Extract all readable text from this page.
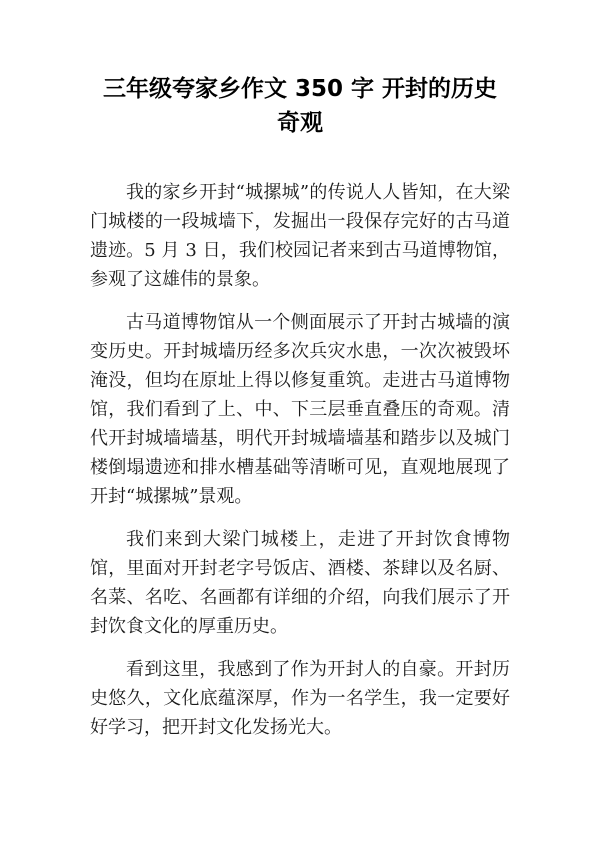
三年级夸家乡作文 350 字 开封的历史
奇观

我的家乡开封“城摞城”的传说人人皆知，在大梁门城楼的一段城墙下，发掘出一段保存完好的古马道遗迹。5 月 3 日，我们校园记者来到古马道博物馆，参观了这雄伟的景象。

古马道博物馆从一个侧面展示了开封古城墙的演变历史。开封城墙历经多次兵灾水患，一次次被毁坏淹没，但均在原址上得以修复重筑。走进古马道博物馆，我们看到了上、中、下三层垂直叠压的奇观。清代开封城墙墙基，明代开封城墙墙基和踏步以及城门楼倒塌遗迹和排水槽基础等清晰可见，直观地展现了开封“城摞城”景观。

我们来到大梁门城楼上，走进了开封饮食博物馆，里面对开封老字号饭店、酒楼、茶肆以及名厨、名菜、名吃、名画都有详细的介绍，向我们展示了开封饮食文化的厚重历史。

看到这里，我感到了作为开封人的自豪。开封历史悠久，文化底蕴深厚，作为一名学生，我一定要好好学习，把开封文化发扬光大。
